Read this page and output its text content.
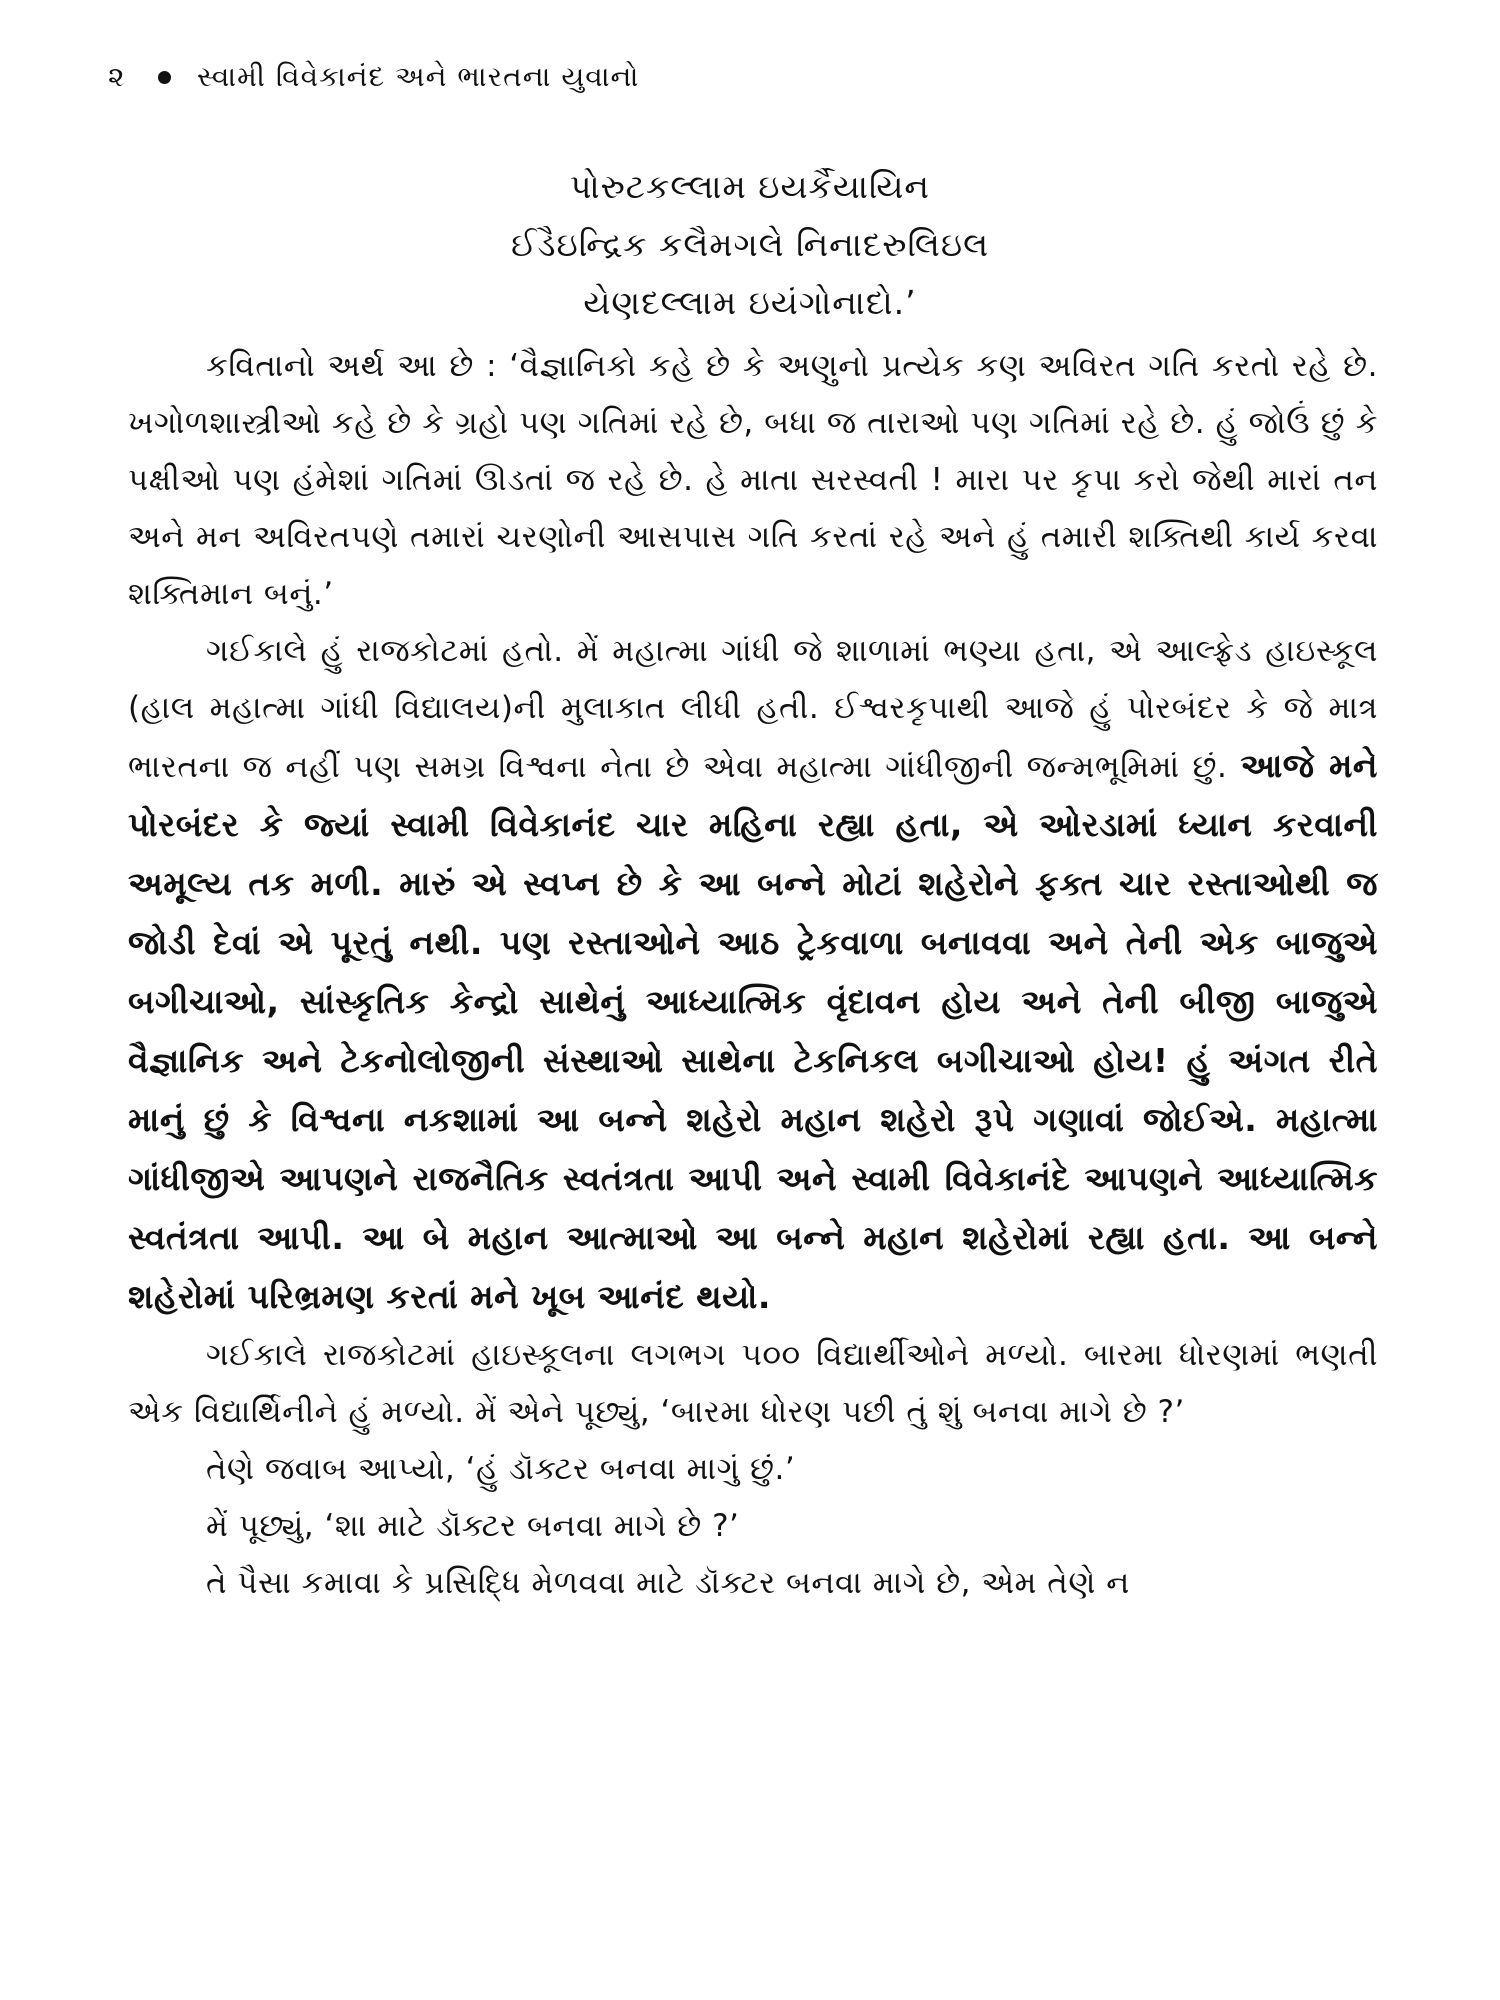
૨	સ્વામી વિવેકાનંદ અને ભારતના યુવાનો
પોરુટકલ્લામ ઇયર્કૈયાયિન
ઈડૈઇન્દ્રિક કલૈમગલે નિનાદરુલિઇલ
યેણદલ્લામ ઇયંગોનાદો.’

કવિતાનો અર્થ આ છે : ‘વૈજ્ઞાનિકો કહે છે કે અણુનો પ્રત્યેક કણ અવિરત ગતિ કરતો રહે છે. ખગોળશાસ્ત્રીઓ કહે છે કે ગ્રહો પણ ગતિમાં રહે છે, બધા જ તારાઓ પણ ગતિમાં રહે છે. હું જોઉં છું કે પક્ષીઓ પણ હંમેશાં ગતિમાં ઊડતાં જ રહે છે. હે માતા સરસ્વતી ! મારા પર કૃપા કરો જેથી મારાં તન અને મન અવિરતપણે તમારાં ચરણોની આસપાસ ગતિ કરતાં રહે અને હું તમારી શક્તિથી કાર્ય કરવા શક્તિમાન બનું.’

ગઈકાલે હું રાજકોટમાં હતો. મેં મહાત્મા ગાંધી જે શાળામાં ભણ્યા હતા, એ આલ્ફ્રેડ હાઇસ્કૂલ (હાલ મહાત્મા ગાંધી વિદ્યાલય)ની મુલાકાત લીધી હતી. ઈશ્વરકૃપાથી આજે હું પોરબંદર કે જે માત્ર ભારતના જ નહીં પણ સમગ્ર વિશ્વના નેતા છે એવા મહાત્મા ગાંધીજીની જન્મભૂમિમાં છું. આજે મને પોરબંદર કે જ્યાં સ્વામી વિવેકાનંદ ચાર મહિના રહ્યા હતા, એ ઓરડામાં ધ્યાન કરવાની અમૂલ્ય તક મળી. મારું એ સ્વપ્ન છે કે આ બન્ને મોટાં શહેરોને ફક્ત ચાર રસ્તાઓથી જ જોડી દેવાં એ પૂરતું નથી. પણ રસ્તાઓને આઠ ટ્રેકવાળા બનાવવા અને તેની એક બાજુએ બગીચાઓ, સાંસ્કૃતિક કેન્દ્રો સાથેનું આધ્યાત્મિક વૃંદાવન હોય અને તેની બીજી બાજુએ વૈજ્ઞાનિક અને ટેકનોલોજીની સંસ્થાઓ સાથેના ટેકનિકલ બગીચાઓ હોય! હું અંગત રીતે માનું છું કે વિશ્વના નકશામાં આ બન્ને શહેરો મહાન શહેરો રૂપે ગણાવાં જોઈએ. મહાત્મા ગાંધીજીએ આપણને રાજનૈતિક સ્વતંત્રતા આપી અને સ્વામી વિવેકાનંદે આપણને આધ્યાત્મિક સ્વતંત્રતા આપી. આ બે મહાન આત્માઓ આ બન્ને મહાન શહેરોમાં રહ્યા હતા. આ બન્ને શહેરોમાં પરિભ્રમણ કરતાં મને ખૂબ આનંદ થયો.

ગઈકાલે રાજકોટમાં હાઇસ્કૂલના લગભગ ૫૦૦ વિદ્યાર્થીઓને મળ્યો. બારમા ધોરણમાં ભણતી એક વિદ્યાર્થિનીને હું મળ્યો. મેં એને પૂછ્યું, ‘બારમા ધોરણ પછી તું શું બનવા માગે છે ?’

તેણે જવાબ આપ્યો, ‘હું ડૉક્ટર બનવા માગું છું.’

મેં પૂછ્યું, ‘શા માટે ડૉક્ટર બનવા માગે છે ?’

તે પૈસા કમાવા કે પ્રસિદ્ધિ મેળવવા માટે ડૉક્ટર બનવા માગે છે, એમ તેણે ન
